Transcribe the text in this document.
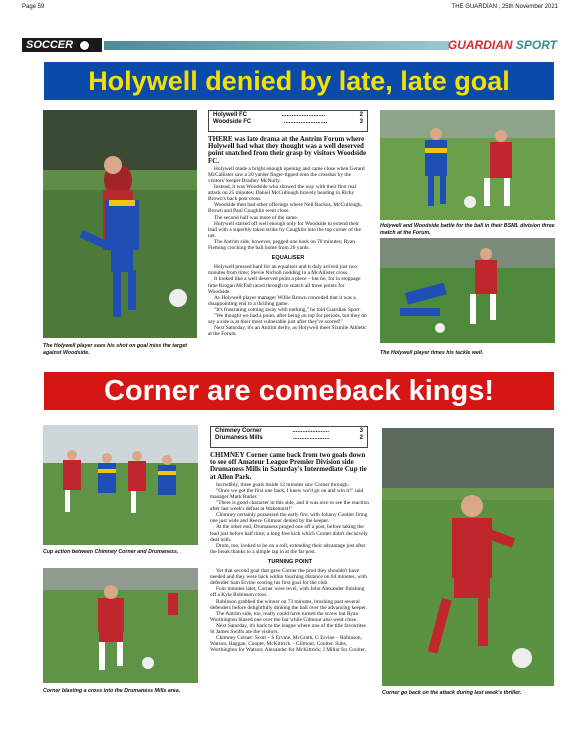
Page 59	THE GUARDIAN , 25th November 2021
SOCCER	GUARDIAN SPORT
Holywell denied by late, late goal
The Holywell player sees his shot on goal miss the target against Woodside.
Holywell FC	..........................	2
Woodside FC	..........................	3

THERE was late drama at the Antrim Forum where Holywell had what they thought was a well deserved point snatched from their grasp by visitors Woodside FC.

Holywell made a bright enough opening and came close when Gerard McCallister saw a 20 yarder finger-tipped onto the crossbar by the visitors' keeper Bradley McNulty.

Instead, it was Woodside who showed the way with their first real attack on 25 minutes; Daniel McCullough bravely heading in Ricky Brown's back post cross.

Woodside then had other offerings where Neil Backus, McCullough, Brown and Paul Coughlin went close.

The second half was more of the same.

Holywell started off well enough only for Woodside to extend their lead with a superbly taken strike by Coughlin into the top corner of the net.

The Antrim side, however, pegged one back on 70 minutes; Ryan Fleming crocking the ball home from 20 yards.

EQUALISER

Holywell pressed hard for an equaliser and it duly arrived just two minutes from time; Stevie Nicholl nodding in a McAllister cross.

It looked like a well deserved point a piece – but no, for in stoppage time Brogan McFall raced through to snatch all three points for Woodside.

As Holywell player manager Willie Brown conceded that it was a disappointing end to a thrilling game.

"It's frustrating coming away with nothing," he told Guardian Sport.

"We thought we had a point, after being on top for periods, but they do say a side is at their most vulnerable just after they've scored!"

Next Saturday, it's an Antrim derby, as Holywell meet Sixmile Athletic at the Forum.

Holywell and Woodside battle for the ball in their BSML division three match at the Forum.
The Holywell player times his tackle well.
Corner are comeback kings!
Cup action between Chimney Corner and Drumaness.
Corner blasting a cross into the Drumaness Mills area.
Chimney Corner	......................	3
Drumaness Mills	......................	2

CHIMNEY Corner came back from two goals down to see off Amateur League Premier Division side Drumaness Mills in Saturday's Intermediate Cup tie at Allen Park.

Incredibly, three goals inside 12 minutes saw Corner through.

"Once we got the first one back, I knew we'd go on and win it!" said manager Mark Butler.

"There is good character in this side, and it was nice to see the reaction after last week's defeat at Wakehurst!"

Chimney certainly possessed the early fire, with Johnny Coulter firing one just wide and Reece Gilmour denied by the keeper.

At the other end, Drumaness pinged one off a post, before taking the lead just before half time; a long free kick which Corner didn't decisively deal with.

Drum, too, looked to be on a roll, extending their advantage just after the break thanks to a simple tap in at the far post.

TURNING POINT

Yet that second goal that gave Corner the prod they shouldn't have needed and they were back within touching distance on 64 minutes, with defender Sam Ervine scoring his first goal for the club.

Four minutes later, Corner were level, with John Alexander finishing off a Kyle Robinson cross.

Robinson grabbed the winner on 73 minutes, brushing past several defenders before delightfully dinking the ball over the advancing keeper.

The Antrim side, too, really could have turned the screw but Ryan Worthington blazed one over the bar while Gilmour also went close.

Next Saturday, it's back to the league where one of the title favourites St James Swifts are the visitors.

Chimney Corner: Scott – S Ervine, McGrath, G Ervine – Robinson, Watson, Haggan, Cooper, McKittrick – Gilmour, Coulter. Subs, Worthington for Watson; Alexander for McKittrick; J Millar for Coulter.

Corner go back on the attack during last week's thriller.
